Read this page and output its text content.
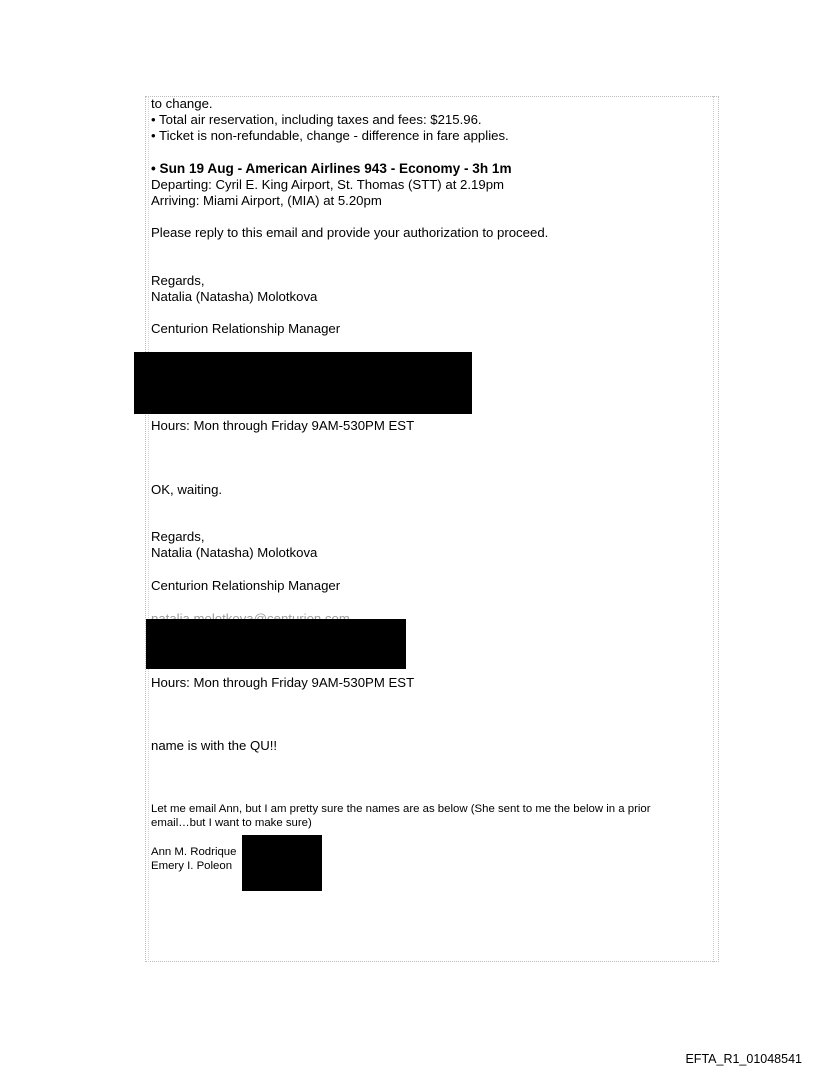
to change.
• Total air reservation, including taxes and fees: $215.96.
• Ticket is non-refundable, change - difference in fare applies.
• Sun 19 Aug - American Airlines 943 - Economy - 3h 1m
Departing: Cyril E. King Airport, St. Thomas (STT) at 2.19pm
Arriving: Miami Airport, (MIA) at 5.20pm
Please reply to this email and provide your authorization to proceed.
Regards,
Natalia (Natasha) Molotkova
Centurion Relationship Manager
Hours: Mon through Friday 9AM-530PM EST
OK, waiting.
Regards,
Natalia (Natasha) Molotkova
Centurion Relationship Manager
Hours: Mon through Friday 9AM-530PM EST
name is with the QU!!
Let me email Ann, but I am pretty sure the names are as below (She sent to me the below in a prior
email…but I want to make sure)
Ann M. Rodrique
Emery I. Poleon
EFTA_R1_01048541
